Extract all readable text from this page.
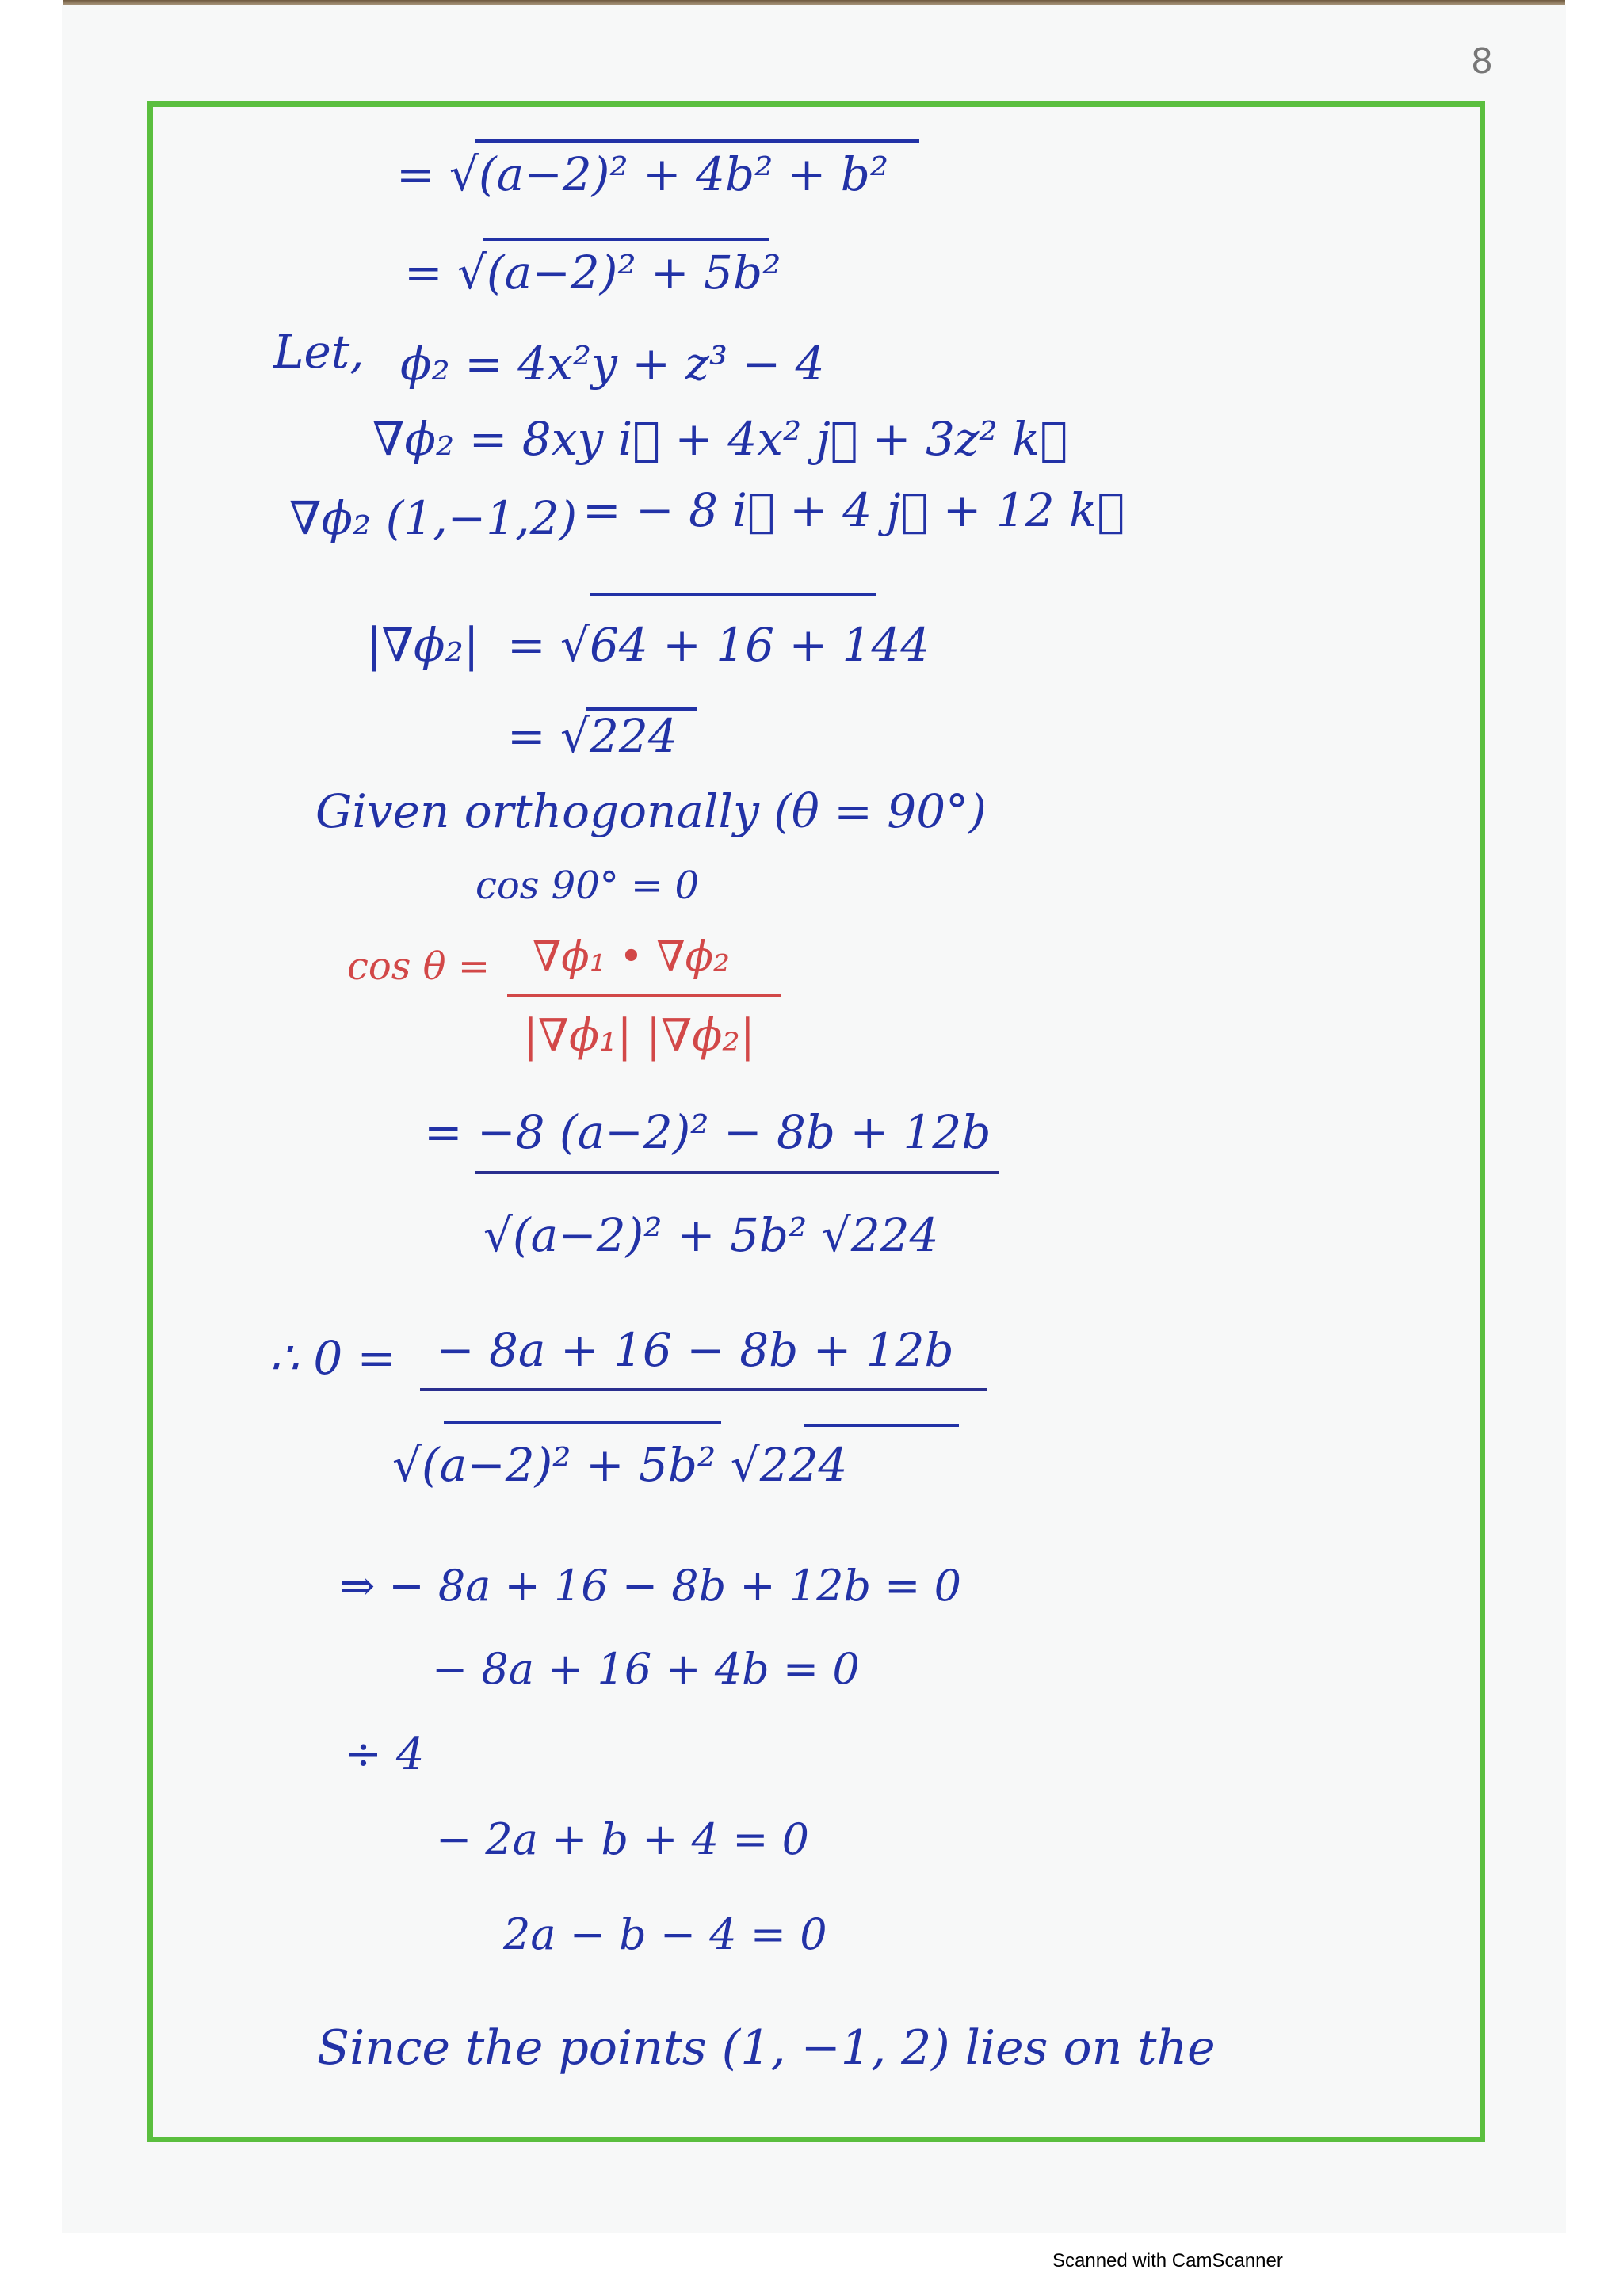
8
= √(a−2)² + 4b² + b²
= √(a−2)² + 5b²
Let, ϕ₂ = 4x²y + z³ − 4
∇ϕ₂ = 8xy i⃗ + 4x² j⃗ + 3z² k⃗
∇ϕ₂ (1,−1,2) = − 8 i⃗ + 4 j⃗ + 12 k⃗
|∇ϕ₂| = √64 + 16 + 144
= √224
Given orthogonally (θ = 90°)
cos 90° = 0
cos θ = ∇ϕ₁ • ∇ϕ₂
|∇ϕ₁| |∇ϕ₂|
= −8 (a−2)² − 8b + 12b
√(a−2)² + 5b² √224
∴ 0 = − 8a + 16 − 8b + 12b
√(a−2)² + 5b² √224
⇒ − 8a + 16 − 8b + 12b = 0
− 8a + 16 + 4b = 0
÷ 4
− 2a + b + 4 = 0
2a − b − 4 = 0
Since the points (1, −1, 2) lies on the
Scanned with CamScanner
